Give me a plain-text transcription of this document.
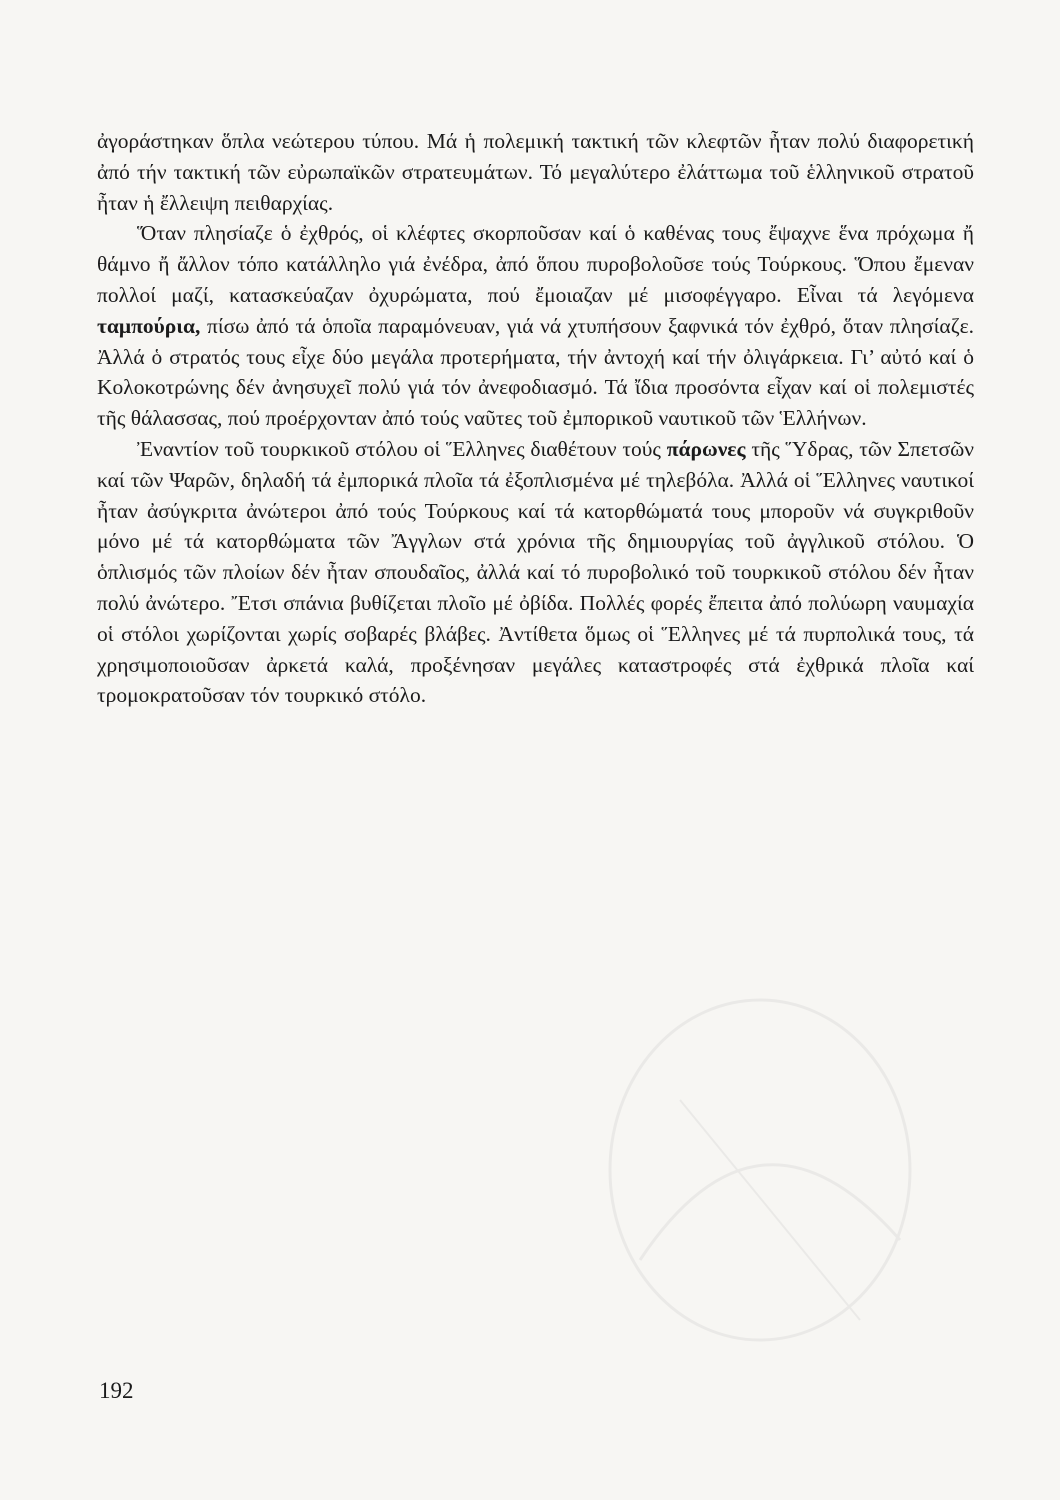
ἀγοράστηκαν ὅπλα νεώτερου τύπου. Μά ἡ πολεμική τακτική τῶν κλεφτῶν ἦταν πολύ διαφορετική ἀπό τήν τακτική τῶν εὐρωπαϊκῶν στρατευμάτων. Τό μεγαλύτερο ἐλάττωμα τοῦ ἑλληνικοῦ στρατοῦ ἦταν ἡ ἔλλειψη πειθαρχίας.

Ὅταν πλησίαζε ὁ ἐχθρός, οἱ κλέφτες σκορποῦσαν καί ὁ καθένας τους ἔψαχνε ἕνα πρόχωμα ἤ θάμνο ἤ ἄλλον τόπο κατάλληλο γιά ἐνέδρα, ἀπό ὅπου πυροβολοῦσε τούς Τούρκους. Ὅπου ἔμεναν πολλοί μαζί, κατασκεύαζαν ὀχυρώματα, πού ἔμοιαζαν μέ μισοφέγγαρο. Εἶναι τά λεγόμενα ταμπούρια, πίσω ἀπό τά ὁποῖα παραμόνευαν, γιά νά χτυπήσουν ξαφνικά τόν ἐχθρό, ὅταν πλησίαζε. Ἀλλά ὁ στρατός τους εἶχε δύο μεγάλα προτερήματα, τήν ἀντοχή καί τήν ὀλιγάρκεια. Γι’ αὐτό καί ὁ Κολοκοτρώνης δέν ἀνησυχεῖ πολύ γιά τόν ἀνεφοδιασμό. Τά ἴδια προσόντα εἶχαν καί οἱ πολεμιστές τῆς θάλασσας, πού προέρχονταν ἀπό τούς ναῦτες τοῦ ἐμπορικοῦ ναυτικοῦ τῶν Ἑλλήνων.

Ἐναντίον τοῦ τουρκικοῦ στόλου οἱ Ἕλληνες διαθέτουν τούς πάρωνες τῆς Ὕδρας, τῶν Σπετσῶν καί τῶν Ψαρῶν, δηλαδή τά ἐμπορικά πλοῖα τά ἐξοπλισμένα μέ τηλεβόλα. Ἀλλά οἱ Ἕλληνες ναυτικοί ἦταν ἀσύγκριτα ἀνώτεροι ἀπό τούς Τούρκους καί τά κατορθώματά τους μποροῦν νά συγκριθοῦν μόνο μέ τά κατορθώματα τῶν Ἄγγλων στά χρόνια τῆς δημιουργίας τοῦ ἀγγλικοῦ στόλου. Ὁ ὁπλισμός τῶν πλοίων δέν ἦταν σπουδαῖος, ἀλλά καί τό πυροβολικό τοῦ τουρκικοῦ στόλου δέν ἦταν πολύ ἀνώτερο. Ἔτσι σπάνια βυθίζεται πλοῖο μέ ὀβίδα. Πολλές φορές ἔπειτα ἀπό πολύωρη ναυμαχία οἱ στόλοι χωρίζονται χωρίς σοβαρές βλάβες. Ἀντίθετα ὅμως οἱ Ἕλληνες μέ τά πυρπολικά τους, τά χρησιμοποιοῦσαν ἀρκετά καλά, προξένησαν μεγάλες καταστροφές στά ἐχθρικά πλοῖα καί τρομοκρατοῦσαν τόν τουρκικό στόλο.

192
